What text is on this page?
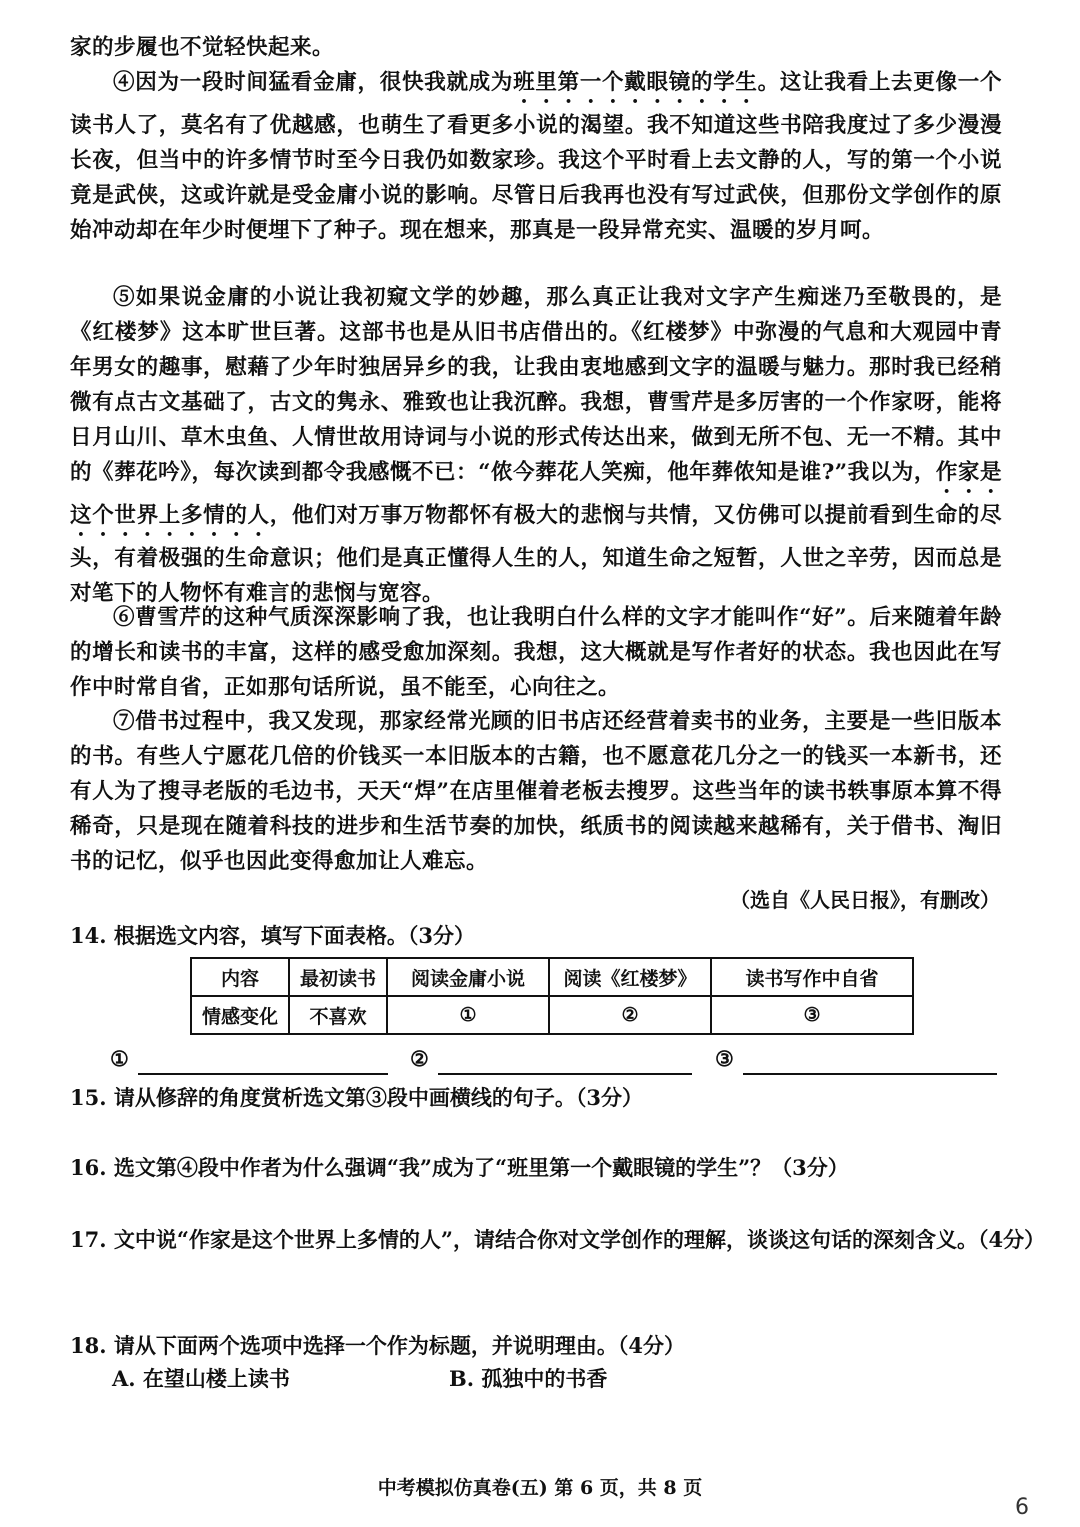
家的步履也不觉轻快起来。

④因为一段时间猛看金庸，很快我就成为班里第一个戴眼镜的学生。这让我看上去更像一个读书人了，莫名有了优越感，也萌生了看更多小说的渴望。我不知道这些书陪我度过了多少漫漫长夜，但当中的许多情节时至今日我仍如数家珍。我这个平时看上去文静的人，写的第一个小说竟是武侠，这或许就是受金庸小说的影响。尽管日后我再也没有写过武侠，但那份文学创作的原始冲动却在年少时便埋下了种子。现在想来，那真是一段异常充实、温暖的岁月呵。

⑤如果说金庸的小说让我初窥文学的妙趣，那么真正让我对文字产生痴迷乃至敬畏的，是《红楼梦》这本旷世巨著。这部书也是从旧书店借出的。《红楼梦》中弥漫的气息和大观园中青年男女的趣事，慰藉了少年时独居异乡的我，让我由衷地感到文字的温暖与魅力。那时我已经稍微有点古文基础了，古文的隽永、雅致也让我沉醉。我想，曹雪芹是多厉害的一个作家呀，能将日月山川、草木虫鱼、人情世故用诗词与小说的形式传达出来，做到无所不包、无一不精。其中的《葬花吟》，每次读到都令我感慨不已：“侬今葬花人笑痴，他年葬侬知是谁?”我以为，作家是这个世界上多情的人，他们对万事万物都怀有极大的悲悯与共情，又仿佛可以提前看到生命的尽头，有着极强的生命意识；他们是真正懂得人生的人，知道生命之短暂，人世之辛劳，因而总是对笔下的人物怀有难言的悲悯与宽容。

⑥曹雪芹的这种气质深深影响了我，也让我明白什么样的文字才能叫作“好”。后来随着年龄的增长和读书的丰富，这样的感受愈加深刻。我想，这大概就是写作者好的状态。我也因此在写作中时常自省，正如那句话所说，虽不能至，心向往之。

⑦借书过程中，我又发现，那家经常光顾的旧书店还经营着卖书的业务，主要是一些旧版本的书。有些人宁愿花几倍的价钱买一本旧版本的古籍，也不愿意花几分之一的钱买一本新书，还有人为了搜寻老版的毛边书，天天“焊”在店里催着老板去搜罗。这些当年的读书轶事原本算不得稀奇，只是现在随着科技的进步和生活节奏的加快，纸质书的阅读越来越稀有，关于借书、淘旧书的记忆，似乎也因此变得愈加让人难忘。

（选自《人民日报》，有删改）

14. 根据选文内容，填写下面表格。（3分）

内容	最初读书	阅读金庸小说	阅读《红楼梦》	读书写作中自省
情感变化	不喜欢	①	②	③
①	②	③

15. 请从修辞的角度赏析选文第③段中画横线的句子。（3分）

16. 选文第④段中作者为什么强调“我”成为了“班里第一个戴眼镜的学生”？（3分）

17. 文中说“作家是这个世界上多情的人”，请结合你对文学创作的理解，谈谈这句话的深刻含义。（4分）

18. 请从下面两个选项中选择一个作为标题，并说明理由。（4分）

A. 在望山楼上读书	B. 孤独中的书香
中考模拟仿真卷(五) 第 6 页，共 8 页
6
